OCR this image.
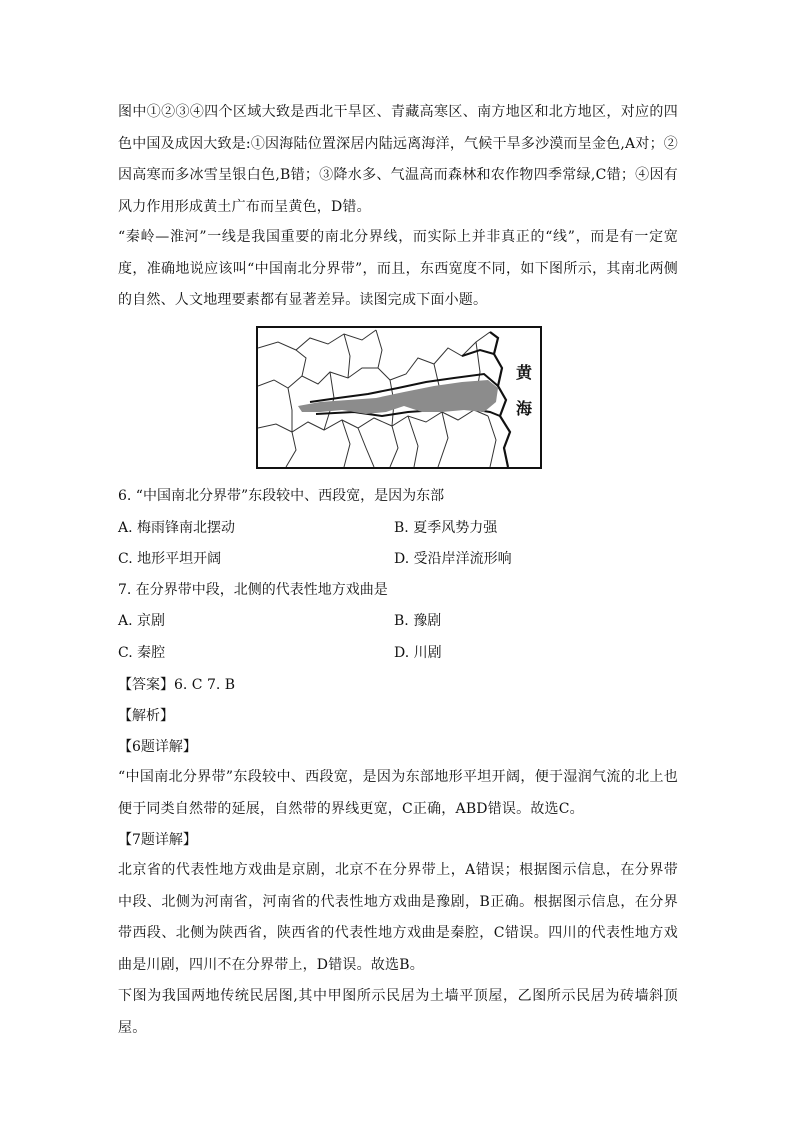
图中①②③④四个区域大致是西北干旱区、青藏高寒区、南方地区和北方地区，对应的四色中国及成因大致是:①因海陆位置深居内陆远离海洋，气候干旱多沙漠而呈金色,A对；②因高寒而多冰雪呈银白色,B错；③降水多、气温高而森林和农作物四季常绿,C错；④因有风力作用形成黄土广布而呈黄色，D错。
“秦岭—淮河”一线是我国重要的南北分界线，而实际上并非真正的“线”，而是有一定宽度，准确地说应该叫“中国南北分界带”，而且，东西宽度不同，如下图所示，其南北两侧的自然、人文地理要素都有显著差异。读图完成下面小题。
黄
海
6. “中国南北分界带”东段较中、西段宽，是因为东部
A. 梅雨锋南北摆动	B. 夏季风势力强
C. 地形平坦开阔	D. 受沿岸洋流形响
7. 在分界带中段，北侧的代表性地方戏曲是
A. 京剧	B. 豫剧
C. 秦腔	D. 川剧
【答案】6. C 7. B
【解析】
【6题详解】
“中国南北分界带”东段较中、西段宽，是因为东部地形平坦开阔，便于湿润气流的北上也便于同类自然带的延展，自然带的界线更宽，C正确，ABD错误。故选C。
【7题详解】
北京省的代表性地方戏曲是京剧，北京不在分界带上，A错误；根据图示信息，在分界带中段、北侧为河南省，河南省的代表性地方戏曲是豫剧，B正确。根据图示信息，在分界带西段、北侧为陕西省，陕西省的代表性地方戏曲是秦腔，C错误。四川的代表性地方戏曲是川剧，四川不在分界带上，D错误。故选B。
下图为我国两地传统民居图,其中甲图所示民居为土墙平顶屋，乙图所示民居为砖墙斜顶屋。
